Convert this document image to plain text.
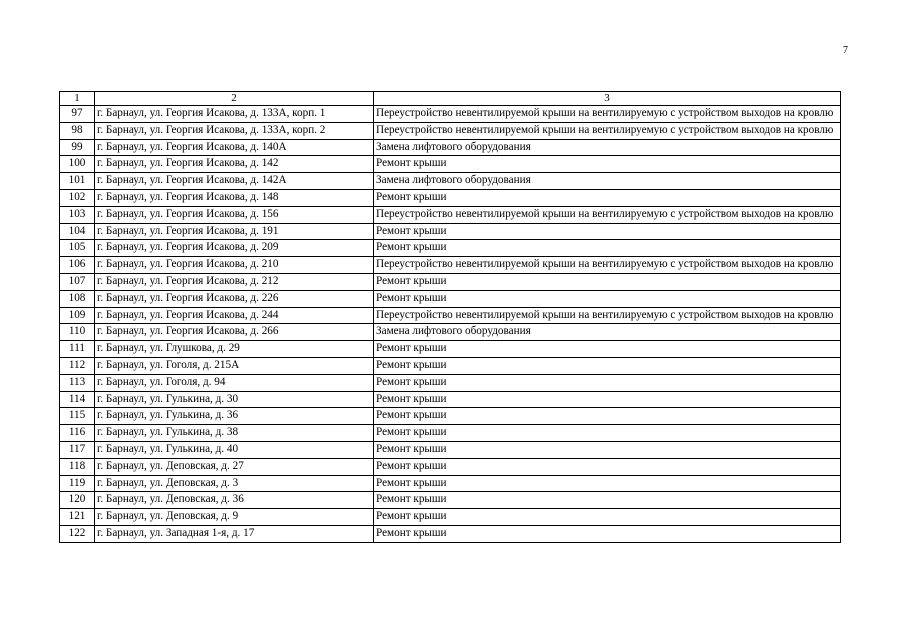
7
1	2	3
97	г. Барнаул, ул. Георгия Исакова, д. 133А, корп. 1	Переустройство невентилируемой крыши на вентилируемую с устройством выходов на кровлю
98	г. Барнаул, ул. Георгия Исакова, д. 133А, корп. 2	Переустройство невентилируемой крыши на вентилируемую с устройством выходов на кровлю
99	г. Барнаул, ул. Георгия Исакова, д. 140А	Замена лифтового оборудования
100	г. Барнаул, ул. Георгия Исакова, д. 142	Ремонт крыши
101	г. Барнаул, ул. Георгия Исакова, д. 142А	Замена лифтового оборудования
102	г. Барнаул, ул. Георгия Исакова, д. 148	Ремонт крыши
103	г. Барнаул, ул. Георгия Исакова, д. 156	Переустройство невентилируемой крыши на вентилируемую с устройством выходов на кровлю
104	г. Барнаул, ул. Георгия Исакова, д. 191	Ремонт крыши
105	г. Барнаул, ул. Георгия Исакова, д. 209	Ремонт крыши
106	г. Барнаул, ул. Георгия Исакова, д. 210	Переустройство невентилируемой крыши на вентилируемую с устройством выходов на кровлю
107	г. Барнаул, ул. Георгия Исакова, д. 212	Ремонт крыши
108	г. Барнаул, ул. Георгия Исакова, д. 226	Ремонт крыши
109	г. Барнаул, ул. Георгия Исакова, д. 244	Переустройство невентилируемой крыши на вентилируемую с устройством выходов на кровлю
110	г. Барнаул, ул. Георгия Исакова, д. 266	Замена лифтового оборудования
111	г. Барнаул, ул. Глушкова, д. 29	Ремонт крыши
112	г. Барнаул, ул. Гоголя, д. 215А	Ремонт крыши
113	г. Барнаул, ул. Гоголя, д. 94	Ремонт крыши
114	г. Барнаул, ул. Гулькина, д. 30	Ремонт крыши
115	г. Барнаул, ул. Гулькина, д. 36	Ремонт крыши
116	г. Барнаул, ул. Гулькина, д. 38	Ремонт крыши
117	г. Барнаул, ул. Гулькина, д. 40	Ремонт крыши
118	г. Барнаул, ул. Деповская, д. 27	Ремонт крыши
119	г. Барнаул, ул. Деповская, д. 3	Ремонт крыши
120	г. Барнаул, ул. Деповская, д. 36	Ремонт крыши
121	г. Барнаул, ул. Деповская, д. 9	Ремонт крыши
122	г. Барнаул, ул. Западная 1-я, д. 17	Ремонт крыши
